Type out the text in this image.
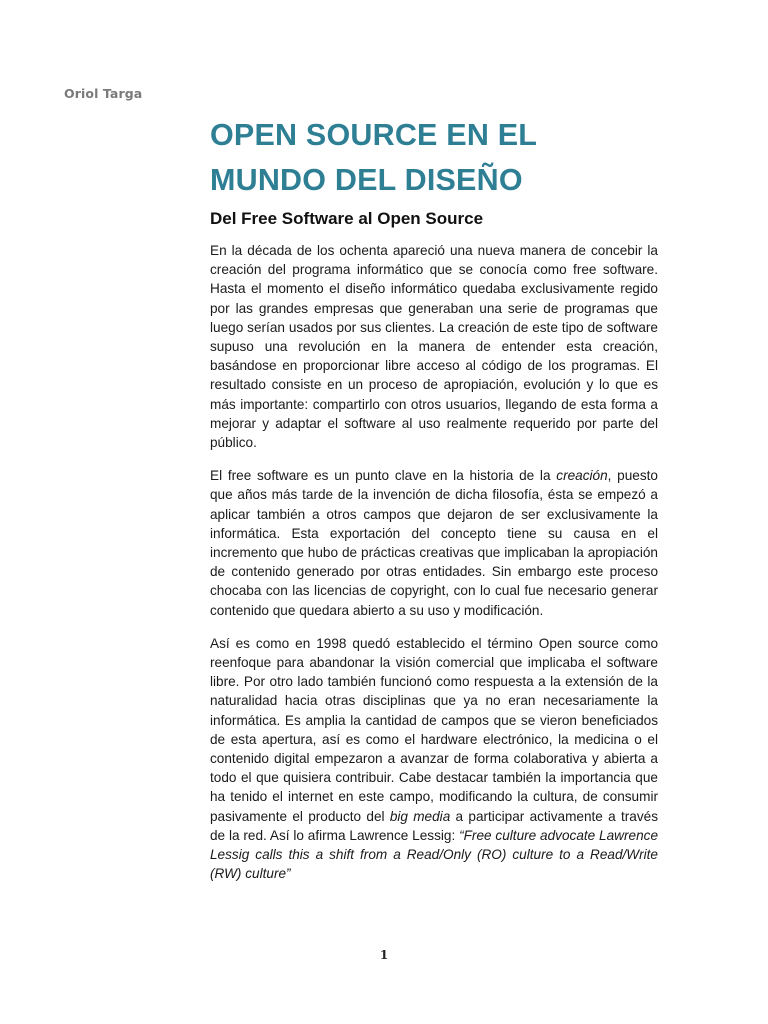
Oriol Targa
OPEN SOURCE EN EL
MUNDO DEL DISEÑO
Del Free Software al Open Source

En la década de los ochenta apareció una nueva manera de concebir la creación del programa informático que se conocía como free software. Hasta el momento el diseño informático quedaba exclusivamente regido por las grandes empresas que generaban una serie de programas que luego serían usados por sus clientes. La creación de este tipo de software supuso una revolución en la manera de entender esta creación, basándose en proporcionar libre acceso al código de los programas. El resultado consiste en un proceso de apropiación, evolución y lo que es más importante: compartirlo con otros usuarios, llegando de esta forma a mejorar y adaptar el software al uso realmente requerido por parte del público.

El free software es un punto clave en la historia de la creación, puesto que años más tarde de la invención de dicha filosofía, ésta se empezó a aplicar también a otros campos que dejaron de ser exclusivamente la informática. Esta exportación del concepto tiene su causa en el incremento que hubo de prácticas creativas que implicaban la apropiación de contenido generado por otras entidades. Sin embargo este proceso chocaba con las licencias de copyright, con lo cual fue necesario generar contenido que quedara abierto a su uso y modificación.

Así es como en 1998 quedó establecido el término Open source como reenfoque para abandonar la visión comercial que implicaba el software libre. Por otro lado también funcionó como respuesta a la extensión de la naturalidad hacia otras disciplinas que ya no eran necesariamente la informática. Es amplia la cantidad de campos que se vieron beneficiados de esta apertura, así es como el hardware electrónico, la medicina o el contenido digital empezaron a avanzar de forma colaborativa y abierta a todo el que quisiera contribuir. Cabe destacar también la importancia que ha tenido el internet en este campo, modificando la cultura, de consumir pasivamente el producto del big media a participar activamente a través de la red. Así lo afirma Lawrence Lessig: “Free culture advocate Lawrence Lessig calls this a shift from a Read/Only (RO) culture to a Read/Write (RW) culture”

1
